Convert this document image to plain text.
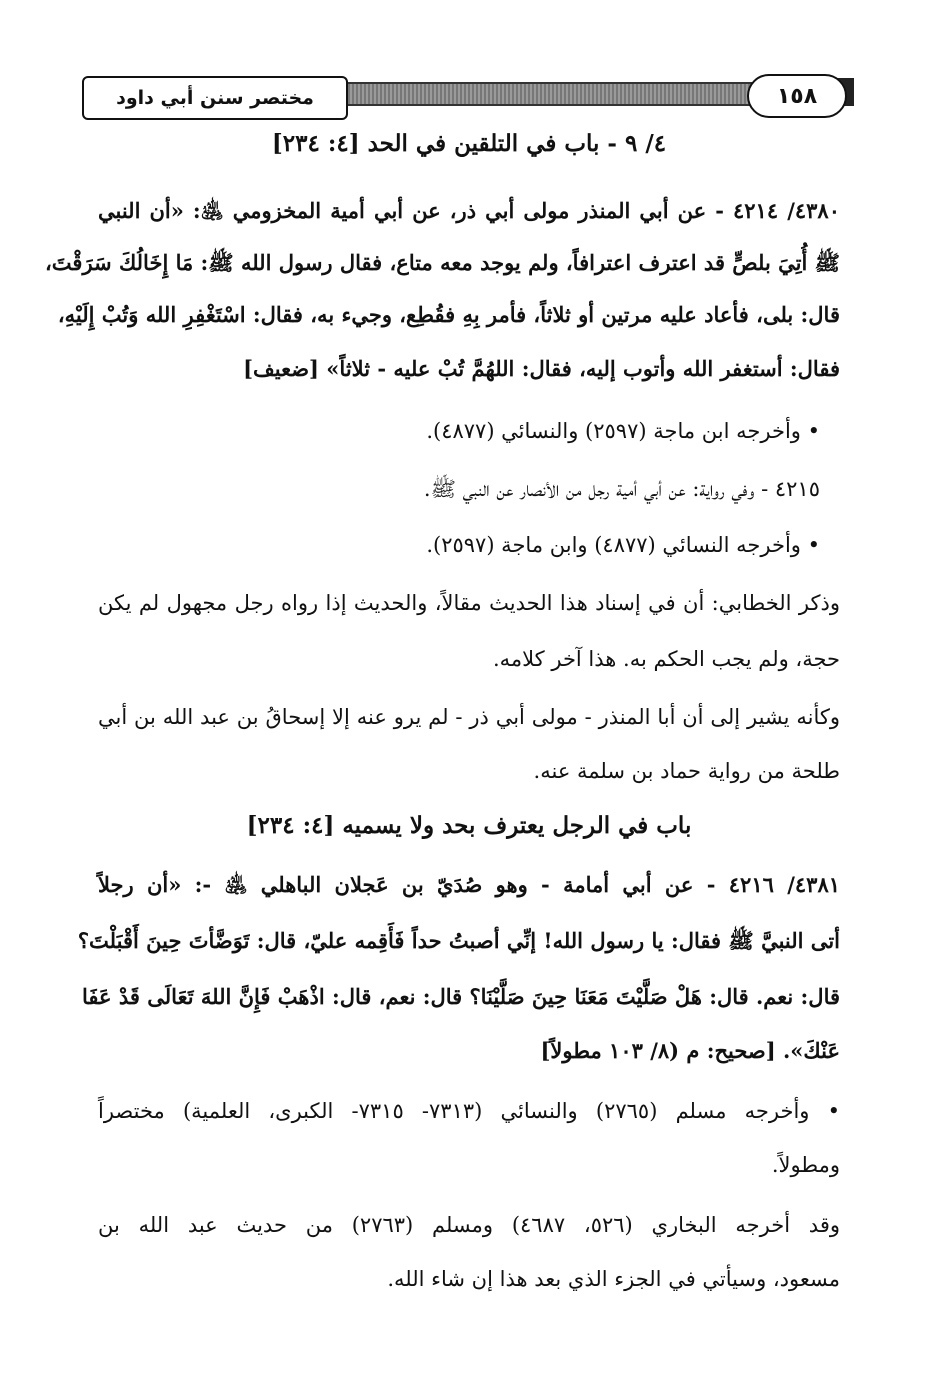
مختصر سنن أبي داود	١٥٨
٤/ ٩ - باب في التلقين في الحد [٤: ٢٣٤]
٤٣٨٠/ ٤٢١٤ - عن أبي المنذر مولى أبي ذر، عن أبي أمية المخزومي ﵁: «أن النبي
ﷺ أُتِيَ بلصٍّ قد اعترف اعترافاً، ولم يوجد معه متاع، فقال رسول الله ﷺ: مَا إِخَالُكَ سَرَقْتَ،
قال: بلى، فأعاد عليه مرتين أو ثلاثاً، فأمر بِهِ فقُطِع، وجيء به، فقال: اسْتَغْفِرِ الله وَتُبْ إِلَيْهِ،
فقال: أستغفر الله وأتوب إليه، فقال: اللهُمَّ تُبْ عليه - ثلاثاً» [ضعيف]
• وأخرجه ابن ماجة (٢٥٩٧) والنسائي (٤٨٧٧).
٤٢١٥ - وفي رواية: عن أبي أمية رجل من الأنصار عن النبي ﷺ.
• وأخرجه النسائي (٤٨٧٧) وابن ماجة (٢٥٩٧).
وذكر الخطابي: أن في إسناد هذا الحديث مقالاً، والحديث إذا رواه رجل مجهول لم يكن
حجة، ولم يجب الحكم به. هذا آخر كلامه.
وكأنه يشير إلى أن أبا المنذر - مولى أبي ذر - لم يرو عنه إلا إسحاقُ بن عبد الله بن أبي
طلحة من رواية حماد بن سلمة عنه.
باب في الرجل يعترف بحد ولا يسميه [٤: ٢٣٤]
٤٣٨١/ ٤٢١٦ - عن أبي أمامة - وهو صُدَيّ بن عَجلان الباهلي ﵁ -: «أن رجلاً
أتى النبيَّ ﷺ فقال: يا رسول الله! إنِّي أصبتُ حداً فَأَقِمه عليّ، قال: تَوَضَّأتَ حِينَ أَقْبَلْتَ؟
قال: نعم. قال: هَلْ صَلَّيْتَ مَعَنَا حِينَ صَلَّيْنَا؟ قال: نعم، قال: اذْهَبْ فَإِنَّ اللهَ تَعَالَى قَدْ عَفَا
عَنْكَ». [صحيح: م (٨/ ١٠٣ مطولاً]
• وأخرجه مسلم (٢٧٦٥) والنسائي (٧٣١٣- ٧٣١٥- الكبرى، العلمية) مختصراً
ومطولاً.
وقد أخرجه البخاري (٥٢٦، ٤٦٨٧) ومسلم (٢٧٦٣) من حديث عبد الله بن
مسعود، وسيأتي في الجزء الذي بعد هذا إن شاء الله.
